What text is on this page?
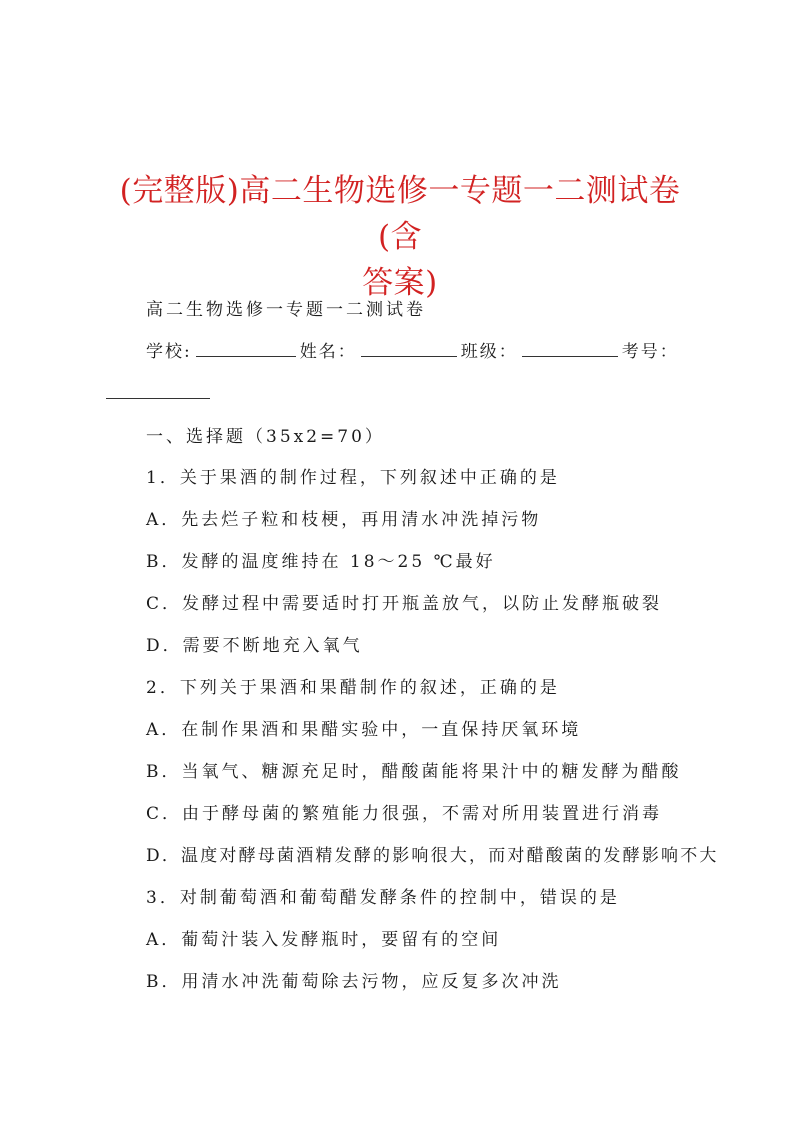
(完整版)高二生物选修一专题一二测试卷(含
答案)
高二生物选修一专题一二测试卷
学校:	姓名：	班级：	考号：
一、选择题（35x2=70）
1．关于果酒的制作过程，下列叙述中正确的是
A．先去烂子粒和枝梗，再用清水冲洗掉污物
B．发酵的温度维持在 18～25 ℃最好
C．发酵过程中需要适时打开瓶盖放气，以防止发酵瓶破裂
D．需要不断地充入氧气
2．下列关于果酒和果醋制作的叙述，正确的是
A．在制作果酒和果醋实验中，一直保持厌氧环境
B．当氧气、糖源充足时，醋酸菌能将果汁中的糖发酵为醋酸
C．由于酵母菌的繁殖能力很强，不需对所用装置进行消毒
D．温度对酵母菌酒精发酵的影响很大，而对醋酸菌的发酵影响不大
3．对制葡萄酒和葡萄醋发酵条件的控制中，错误的是
A．葡萄汁装入发酵瓶时，要留有的空间
B．用清水冲洗葡萄除去污物，应反复多次冲洗
